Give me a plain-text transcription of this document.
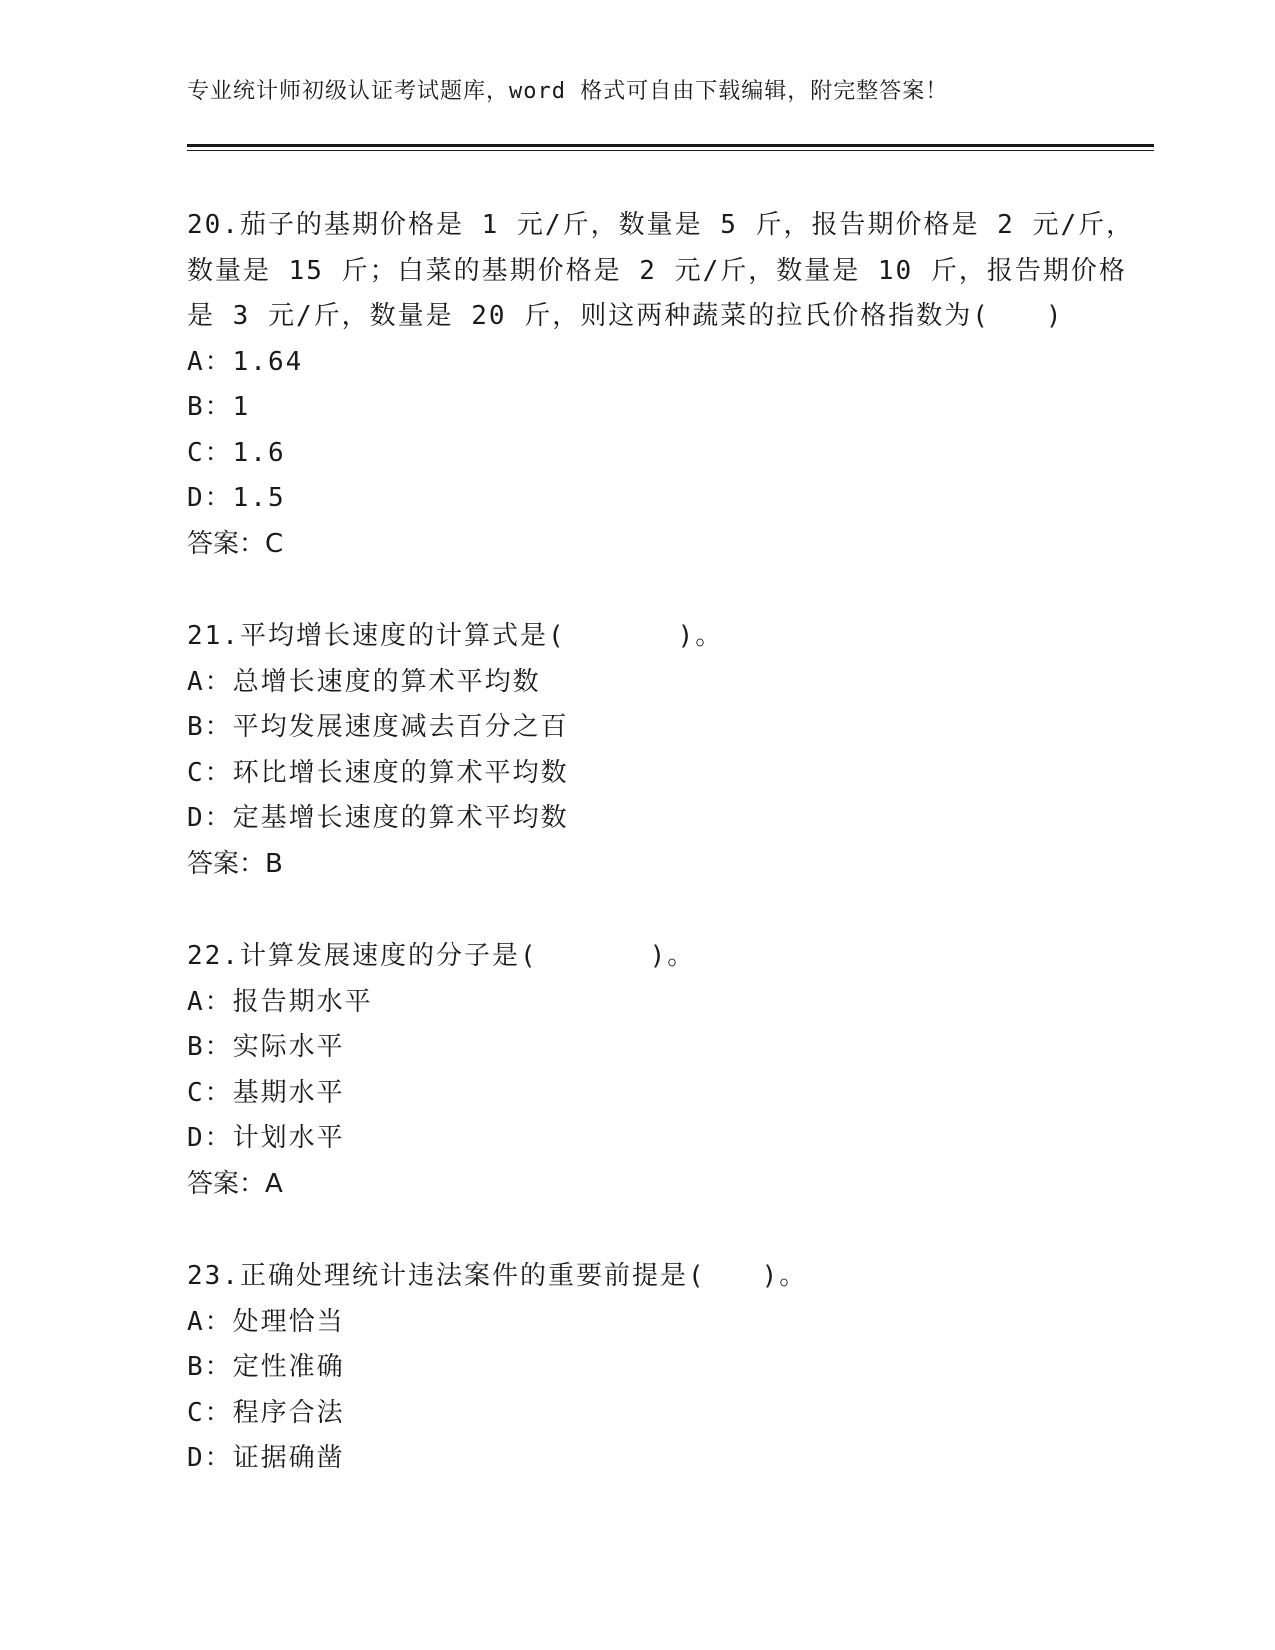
专业统计师初级认证考试题库，word 格式可自由下载编辑，附完整答案！
20.茄子的基期价格是 1 元/斤，数量是 5 斤，报告期价格是 2 元/斤，
数量是 15 斤；白菜的基期价格是 2 元/斤，数量是 10 斤，报告期价格
是 3 元/斤，数量是 20 斤，则这两种蔬菜的拉氏价格指数为(　　)
A：1.64
B：1
C：1.6
D：1.5
答案：C
21.平均增长速度的计算式是(　　　　)。
A：总增长速度的算术平均数
B：平均发展速度减去百分之百
C：环比增长速度的算术平均数
D：定基增长速度的算术平均数
答案：B
22.计算发展速度的分子是(　　　　)。
A：报告期水平
B：实际水平
C：基期水平
D：计划水平
答案：A
23.正确处理统计违法案件的重要前提是(　　)。
A：处理恰当
B：定性准确
C：程序合法
D：证据确凿
